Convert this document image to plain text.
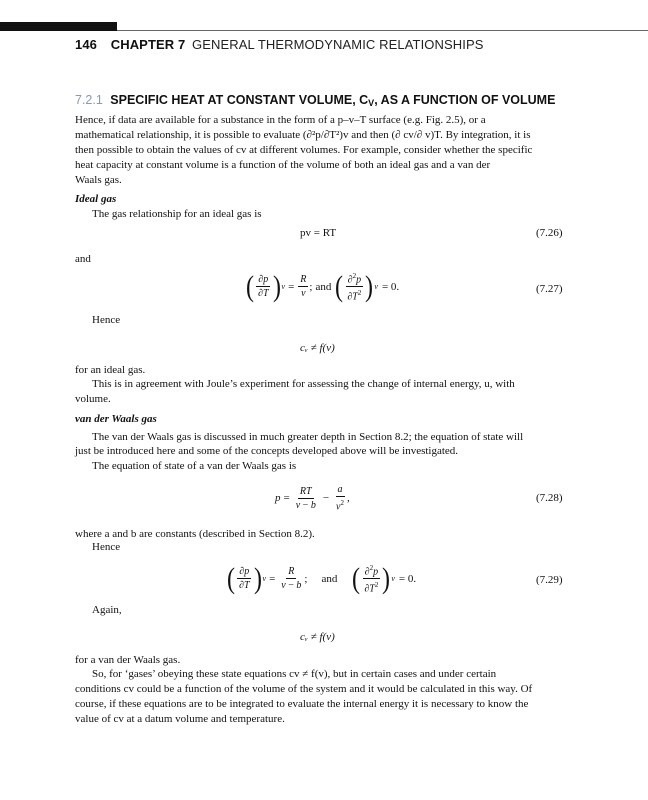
146 CHAPTER 7 GENERAL THERMODYNAMIC RELATIONSHIPS
7.2.1 SPECIFIC HEAT AT CONSTANT VOLUME, CV, AS A FUNCTION OF VOLUME
Hence, if data are available for a substance in the form of a p–v–T surface (e.g. Fig. 2.5), or a
mathematical relationship, it is possible to evaluate (∂²p/∂T²)v and then (∂ cv/∂ v)T. By integration, it is
then possible to obtain the values of cv at different volumes. For example, consider whether the specific
heat capacity at constant volume is a function of the volume of both an ideal gas and a van der
Waals gas.
Ideal gas
The gas relationship for an ideal gas is
pv = RT	(7.26)
and
( $\frac{\partial p}{\partial T}$ ) $v = \frac{R}{v}$ ; and ( $\frac{\partial^2p}{\partial T^2}$ ) v = 0.	(7.27)
Hence
cᵥ ≠ f(v)
for an ideal gas.
This is in agreement with Joule’s experiment for assessing the change of internal energy, u, with
volume.
van der Waals gas
The van der Waals gas is discussed in much greater depth in Section 8.2; the equation of state will
just be introduced here and some of the concepts developed above will be investigated.
The equation of state of a van der Waals gas is
$p = \frac{RT}{v - b} - \frac{a}{v^2}$ ,	(7.28)
where a and b are constants (described in Section 8.2).
Hence
( $\frac{\partial p}{\partial T}$ ) $v = \frac{R}{v - b}$ ; and ( $\frac{\partial^2p}{\partial T^2}$ ) v = 0.	(7.29)
Again,
cᵥ ≠ f(v)
for a van der Waals gas.
So, for ‘gases’ obeying these state equations cv ≠ f(v), but in certain cases and under certain
conditions cv could be a function of the volume of the system and it would be calculated in this way. Of
course, if these equations are to be integrated to evaluate the internal energy it is necessary to know the
value of cv at a datum volume and temperature.
